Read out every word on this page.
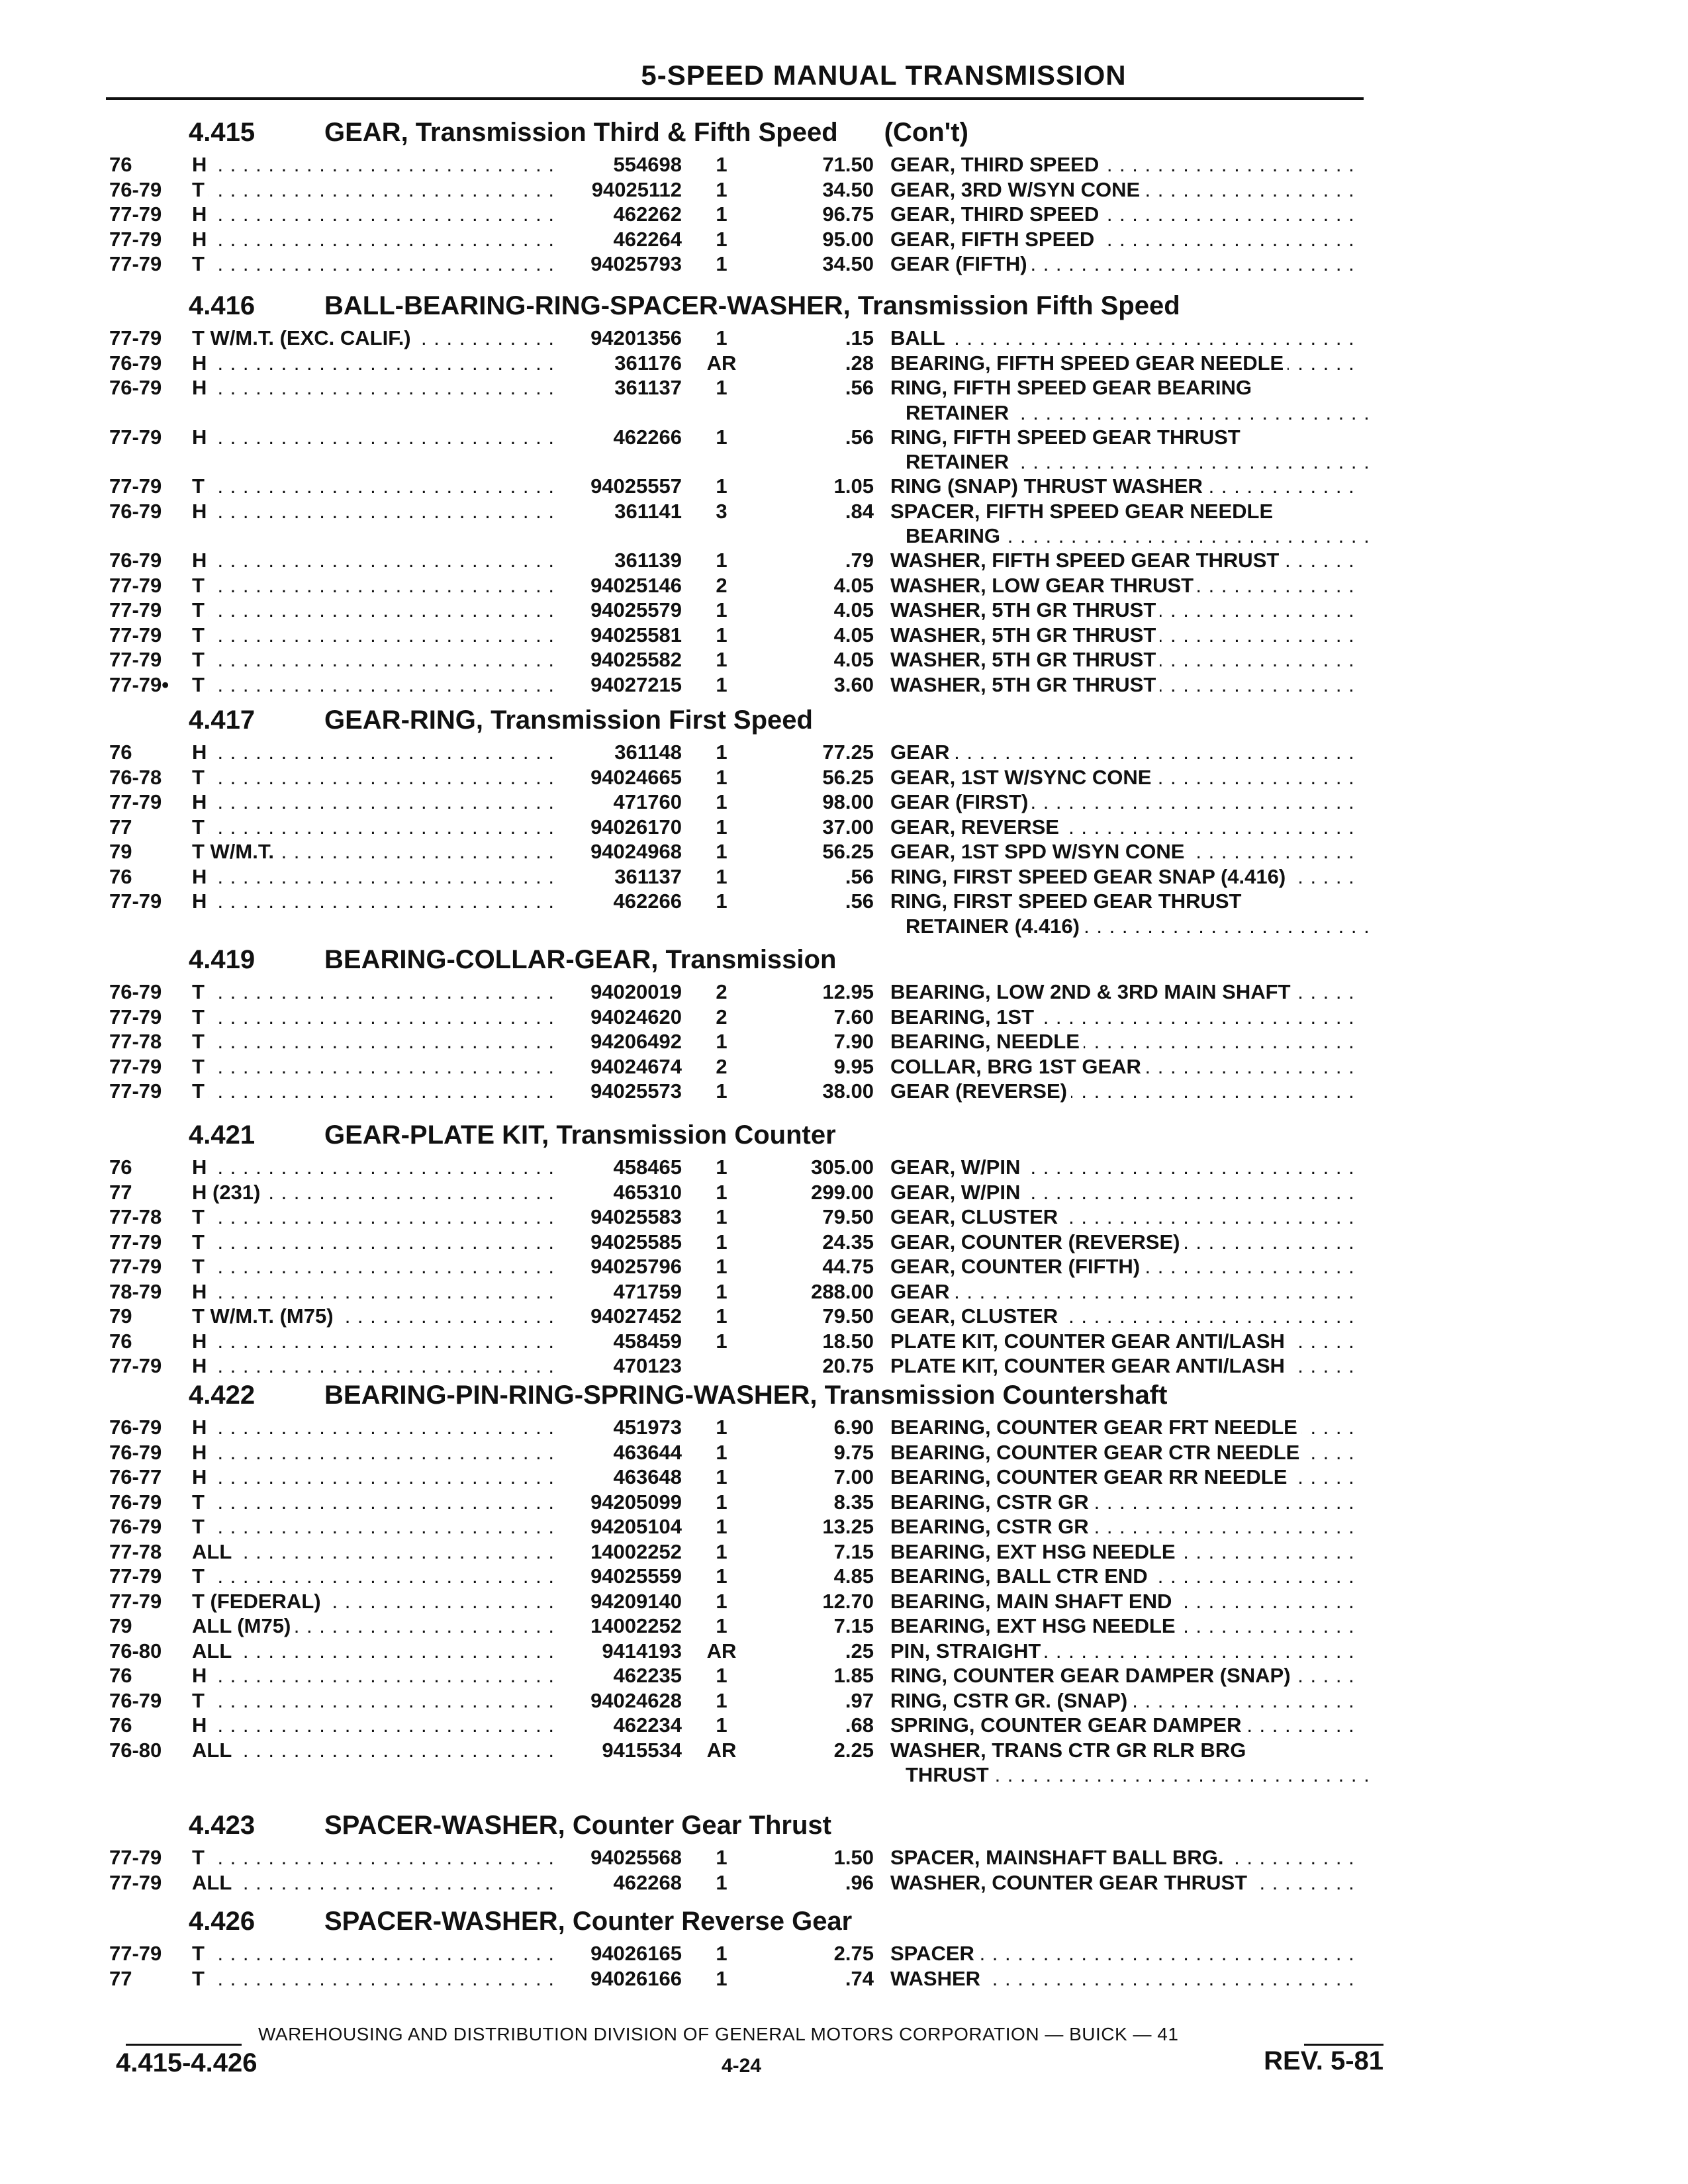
5-SPEED MANUAL TRANSMISSION
4.415	GEAR, Transmission Third & Fifth Speed (Con't)
76	H . . .	554698	1	71.50 GEAR, THIRD SPEED . . .
76-79	T . . .	94025112	1	34.50 GEAR, 3RD W/SYN CONE . . .
77-79	H . . .	462262	1	96.75 GEAR, THIRD SPEED . . .
77-79	H . . .	462264	1	95.00 GEAR, FIFTH SPEED . . .
77-79	T . . .	94025793	1	34.50 GEAR (FIFTH) . . .
4.416	BALL-BEARING-RING-SPACER-WASHER, Transmission Fifth Speed
77-79	T W/M.T. (EXC. CALIF.) . . .	94201356	1	.15 BALL . . .
76-79	H . . .	361176 AR	.28 BEARING, FIFTH SPEED GEAR NEEDLE . . .
76-79	H . . .	361137	1	.56 RING, FIFTH SPEED GEAR BEARING
RETAINER . . .
77-79	H . . .	462266	1	.56 RING, FIFTH SPEED GEAR THRUST
RETAINER . . .
77-79	T . . .	94025557	1	1.05 RING (SNAP) THRUST WASHER . . .
76-79	H . . .	361141	3	.84 SPACER, FIFTH SPEED GEAR NEEDLE
BEARING . . .
76-79	H . . .	361139	1	.79 WASHER, FIFTH SPEED GEAR THRUST . . .
77-79	T . . .	94025146	2	4.05 WASHER, LOW GEAR THRUST . . .
77-79	T . . .	94025579	1	4.05 WASHER, 5TH GR THRUST . . .
77-79	T . . .	94025581	1	4.05 WASHER, 5TH GR THRUST . . .
77-79	T . . .	94025582	1	4.05 WASHER, 5TH GR THRUST . . .
77-79•	T . . .	94027215	1	3.60 WASHER, 5TH GR THRUST . . .
4.417	GEAR-RING, Transmission First Speed
76	H . . .	361148	1	77.25 GEAR . . .
76-78	T . . .	94024665	1	56.25 GEAR, 1ST W/SYNC CONE . . .
77-79	H . . .	471760	1	98.00 GEAR (FIRST) . . .
77	T . . .	94026170	1	37.00 GEAR, REVERSE . . .
79	T W/M.T. . . .	94024968	1	56.25 GEAR, 1ST SPD W/SYN CONE . . .
76	H . . .	361137	1	.56 RING, FIRST SPEED GEAR SNAP (4.416) . . .
77-79	H . . .	462266	1	.56 RING, FIRST SPEED GEAR THRUST
RETAINER (4.416) . . .
4.419	BEARING-COLLAR-GEAR, Transmission
76-79	T . . .	94020019	2	12.95 BEARING, LOW 2ND & 3RD MAIN SHAFT . . .
77-79	T . . .	94024620	2	7.60 BEARING, 1ST . . .
77-78	T . . .	94206492	1	7.90 BEARING, NEEDLE . . .
77-79	T . . .	94024674	2	9.95 COLLAR, BRG 1ST GEAR . . .
77-79	T . . .	94025573	1	38.00 GEAR (REVERSE) . . .
4.421	GEAR-PLATE KIT, Transmission Counter
76	H . . .	458465	1	305.00 GEAR, W/PIN . . .
77	H (231) . . .	465310	1	299.00 GEAR, W/PIN . . .
77-78	T . . .	94025583	1	79.50 GEAR, CLUSTER . . .
77-79	T . . .	94025585	1	24.35 GEAR, COUNTER (REVERSE) . . .
77-79	T . . .	94025796	1	44.75 GEAR, COUNTER (FIFTH) . . .
78-79	H . . .	471759	1	288.00 GEAR . . .
79	T W/M.T. (M75) . . .	94027452	1	79.50 GEAR, CLUSTER . . .
76	H . . .	458459	1	18.50 PLATE KIT, COUNTER GEAR ANTI/LASH . . .
77-79	H . . .	470123	20.75 PLATE KIT, COUNTER GEAR ANTI/LASH . . .
4.422	BEARING-PIN-RING-SPRING-WASHER, Transmission Countershaft
76-79	H . . .	451973	1	6.90 BEARING, COUNTER GEAR FRT NEEDLE . . .
76-79	H . . .	463644	1	9.75 BEARING, COUNTER GEAR CTR NEEDLE . . .
76-77	H . . .	463648	1	7.00 BEARING, COUNTER GEAR RR NEEDLE . . .
76-79	T . . .	94205099	1	8.35 BEARING, CSTR GR . . .
76-79	T . . .	94205104	1	13.25 BEARING, CSTR GR . . .
77-78	ALL . . .	14002252	1	7.15 BEARING, EXT HSG NEEDLE . . .
77-79	T . . .	94025559	1	4.85 BEARING, BALL CTR END . . .
77-79	T (FEDERAL) . . .	94209140	1	12.70 BEARING, MAIN SHAFT END . . .
79	ALL (M75) . . .	14002252	1	7.15 BEARING, EXT HSG NEEDLE . . .
76-80	ALL . . .	9414193 AR	.25 PIN, STRAIGHT . . .
76	H . . .	462235	1	1.85 RING, COUNTER GEAR DAMPER (SNAP) . . .
76-79	T . . .	94024628	1	.97 RING, CSTR GR. (SNAP) . . .
76	H . . .	462234	1	.68 SPRING, COUNTER GEAR DAMPER . . .
76-80	ALL . . .	9415534 AR	2.25 WASHER, TRANS CTR GR RLR BRG
THRUST . . .
4.423	SPACER-WASHER, Counter Gear Thrust
77-79	T . . .	94025568	1	1.50 SPACER, MAINSHAFT BALL BRG. . . .
77-79	ALL . . .	462268	1	.96 WASHER, COUNTER GEAR THRUST . . .
4.426	SPACER-WASHER, Counter Reverse Gear
77-79	T . . .	94026165	1	2.75 SPACER . . .
77	T . . .	94026166	1	.74 WASHER . . .
WAREHOUSING AND DISTRIBUTION DIVISION OF GENERAL MOTORS CORPORATION — BUICK — 41
4.415-4.426	4-24	REV. 5-81
